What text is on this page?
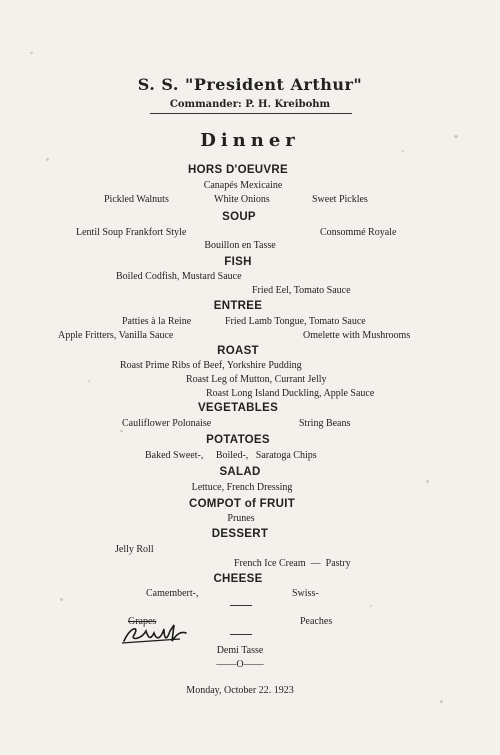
S. S. "President Arthur"
Commander: P. H. Kreibohm
Dinner
HORS D'OEUVRE
Canapés Mexicaine
Pickled Walnuts	White Onions	Sweet Pickles
SOUP
Lentil Soup Frankfort Style	Consommé Royale
Bouillon en Tasse
FISH
Boiled Codfish, Mustard Sauce
Fried Eel, Tomato Sauce
ENTREE
Patties à la Reine	Fried Lamb Tongue, Tomato Sauce
Apple Fritters, Vanilla Sauce	Omelette with Mushrooms
ROAST
Roast Prime Ribs of Beef, Yorkshire Pudding
Roast Leg of Mutton, Currant Jelly
Roast Long Island Duckling, Apple Sauce
VEGETABLES
Cauliflower Polonaise	String Beans
POTATOES
Baked Sweet-,     Boiled-,   Saratoga Chips
SALAD
Lettuce, French Dressing
COMPOT of FRUIT
Prunes
DESSERT
Jelly Roll
French Ice Cream  —  Pastry
CHEESE
Camembert-,	Swiss-
Grapes	Peaches
Demi Tasse
——O——
Monday, October 22. 1923
